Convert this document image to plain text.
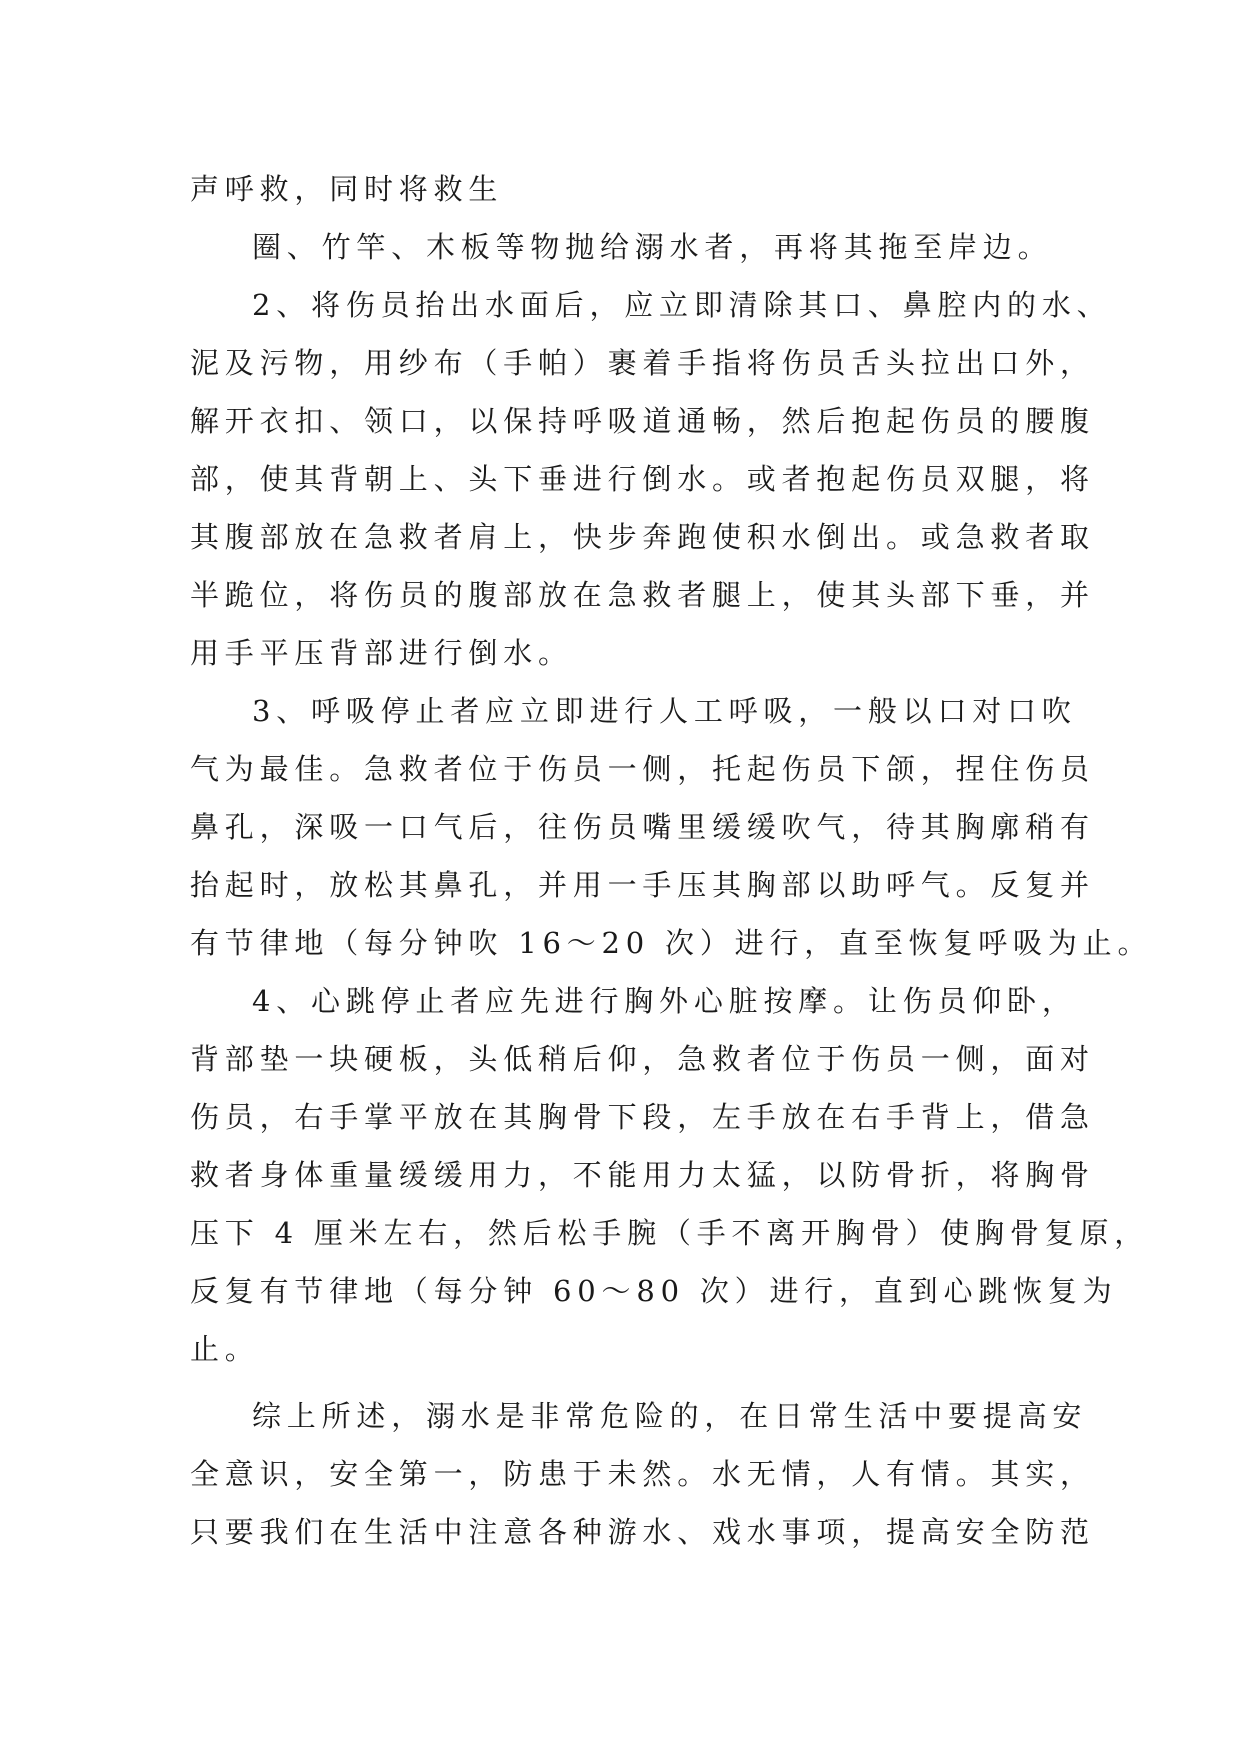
声呼救，同时将救生
圈、竹竿、木板等物抛给溺水者，再将其拖至岸边。
2、将伤员抬出水面后，应立即清除其口、鼻腔内的水、
泥及污物，用纱布（手帕）裹着手指将伤员舌头拉出口外，
解开衣扣、领口，以保持呼吸道通畅，然后抱起伤员的腰腹
部，使其背朝上、头下垂进行倒水。或者抱起伤员双腿，将
其腹部放在急救者肩上，快步奔跑使积水倒出。或急救者取
半跪位，将伤员的腹部放在急救者腿上，使其头部下垂，并
用手平压背部进行倒水。
3、呼吸停止者应立即进行人工呼吸，一般以口对口吹
气为最佳。急救者位于伤员一侧，托起伤员下颌，捏住伤员
鼻孔，深吸一口气后，往伤员嘴里缓缓吹气，待其胸廓稍有
抬起时，放松其鼻孔，并用一手压其胸部以助呼气。反复并
有节律地（每分钟吹 16～20 次）进行，直至恢复呼吸为止。
4、心跳停止者应先进行胸外心脏按摩。让伤员仰卧，
背部垫一块硬板，头低稍后仰，急救者位于伤员一侧，面对
伤员，右手掌平放在其胸骨下段，左手放在右手背上，借急
救者身体重量缓缓用力，不能用力太猛，以防骨折，将胸骨
压下 4 厘米左右，然后松手腕（手不离开胸骨）使胸骨复原，
反复有节律地（每分钟 60～80 次）进行，直到心跳恢复为
止。
综上所述，溺水是非常危险的，在日常生活中要提高安
全意识，安全第一，防患于未然。水无情，人有情。其实，
只要我们在生活中注意各种游水、戏水事项，提高安全防范
